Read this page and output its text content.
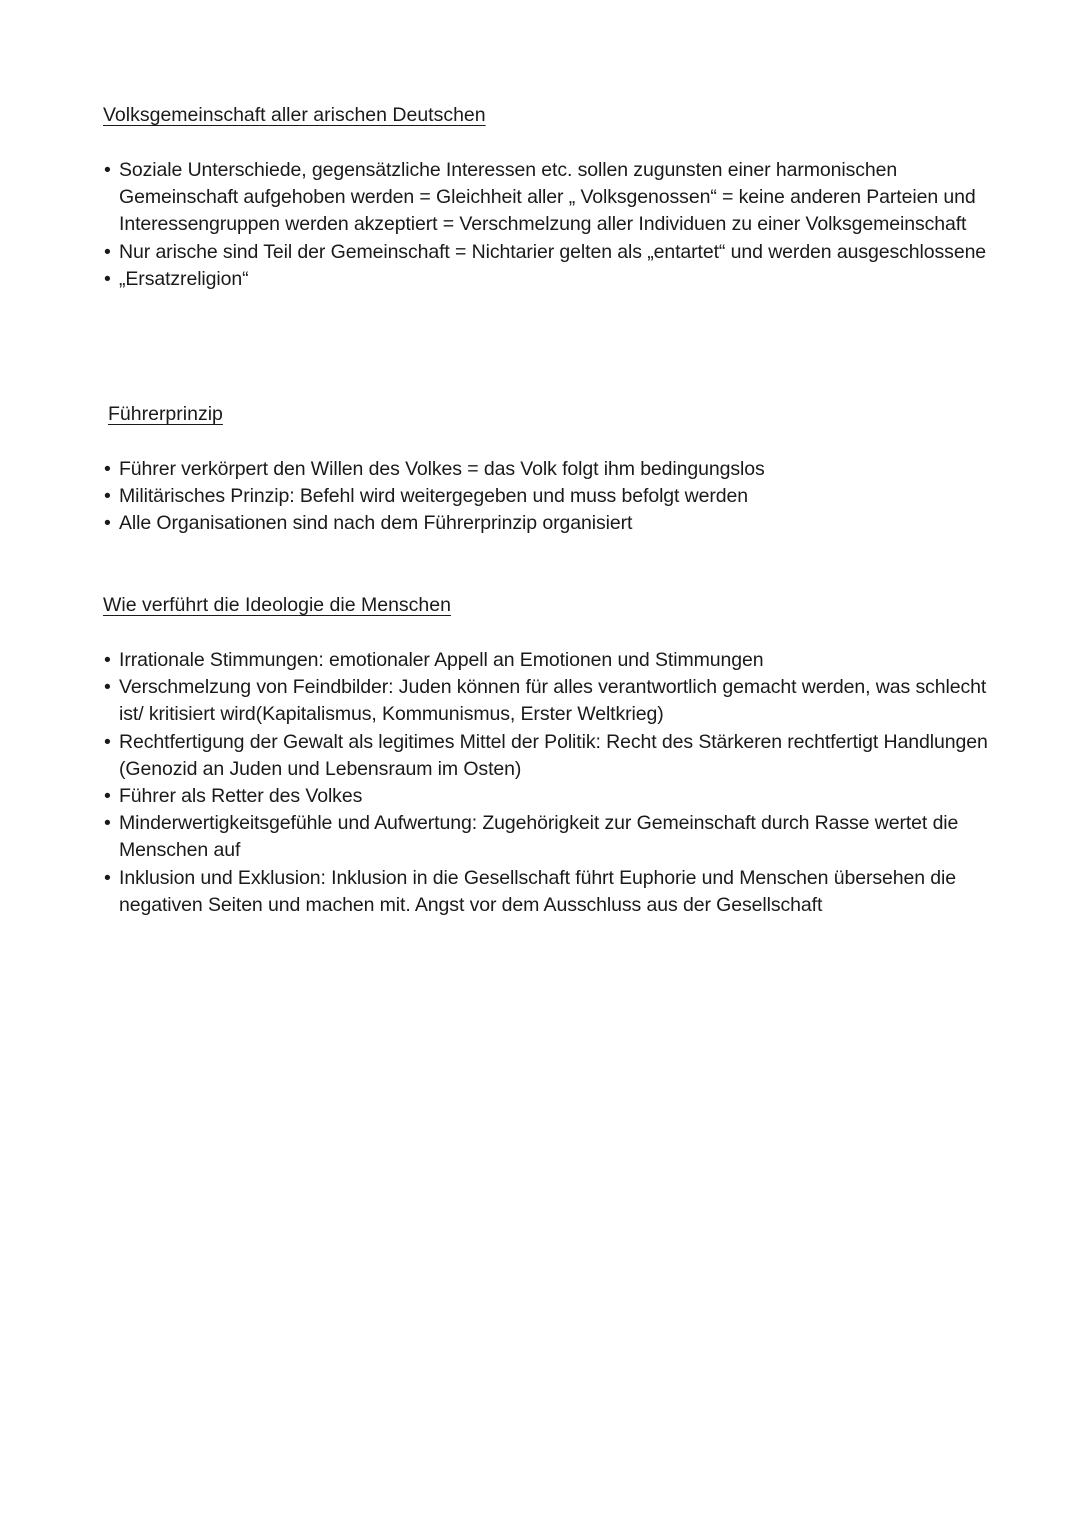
Volksgemeinschaft aller arischen Deutschen
• Soziale Unterschiede, gegensätzliche Interessen etc. sollen zugunsten einer harmonischen Gemeinschaft aufgehoben werden = Gleichheit aller „ Volksgenossen“ = keine anderen Parteien und Interessengruppen werden akzeptiert = Verschmelzung aller Individuen zu einer Volksgemeinschaft
• Nur arische sind Teil der Gemeinschaft = Nichtarier gelten als „entartet“ und werden ausgeschlossene
• „Ersatzreligion“
Führerprinzip
• Führer verkörpert den Willen des Volkes = das Volk folgt ihm bedingungslos
• Militärisches Prinzip: Befehl wird weitergegeben und muss befolgt werden
• Alle Organisationen sind nach dem Führerprinzip organisiert
Wie verführt die Ideologie die Menschen
• Irrationale Stimmungen: emotionaler Appell an Emotionen und Stimmungen
• Verschmelzung von Feindbilder: Juden können für alles verantwortlich gemacht werden, was schlecht ist/ kritisiert wird(Kapitalismus, Kommunismus, Erster Weltkrieg)
• Rechtfertigung der Gewalt als legitimes Mittel der Politik: Recht des Stärkeren rechtfertigt Handlungen (Genozid an Juden und Lebensraum im Osten)
• Führer als Retter des Volkes
• Minderwertigkeitsgefühle und Aufwertung: Zugehörigkeit zur Gemeinschaft durch Rasse wertet die Menschen auf
• Inklusion und Exklusion: Inklusion in die Gesellschaft führt Euphorie und Menschen übersehen die negativen Seiten und machen mit. Angst vor dem Ausschluss aus der Gesellschaft
